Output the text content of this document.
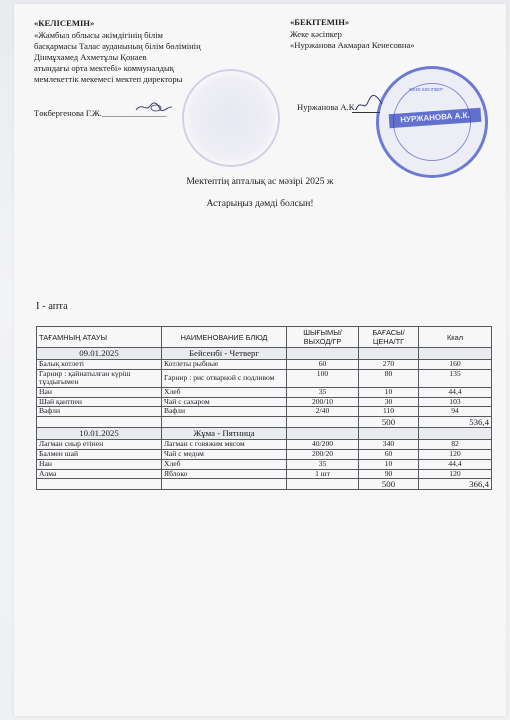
«КЕЛІСЕМІН»
«Жамбыл облысы әкімдігінің білім
басқармасы Талас ауданының білім бөлімінің
Дінмұхамед Ахметұлы Қонаев
атындағы орта мектебі» коммуналдық
мемлекеттік мекемесі мектеп директоры
Төкбергенова Г.Ж._______________
«БЕКІТЕМІН»
Жеке кәсіпкер
«Нуржанова Акмарал Кенесовна»
Нуржанова А.К.
ЖЕКЕ КӘСІПКЕР
НУРЖАНОВА А.К.
Мектептің апталық ас мәзірі 2025 ж
Астарыңыз дәмді болсын!
І - апта
ТАҒАМНЫҢ АТАУЫ	НАИМЕНОВАНИЕ БЛЮД	ШЫҒЫМЫ/ ВЫХОД/ГР	БАҒАСЫ/ ЦЕНА/ТГ	Ккал
09.01.2025	Бейсенбі - Четверг			
Балық котлеті	Котлеты рыбные	60	270	160
Гарнир : қайнатылған күріш тұздығымен	Гарнир : рис отварной с подливом	100	80	135
Нан	Хлеб	35	10	44,4
Шәй қантпен	Чай с сахаром	200/10	30	103
Вафли	Вафли	2/40	110	94
			500	536,4
10.01.2025	Жұма - Пятница			
Лагман сиыр етінен	Лагман с говяжим мясом	40/200	340	82
Балмен шай	Чай с медом	200/20	60	120
Нан	Хлеб	35	10	44,4
Алма	Яблоко	1 шт	90	120
			500	366,4
